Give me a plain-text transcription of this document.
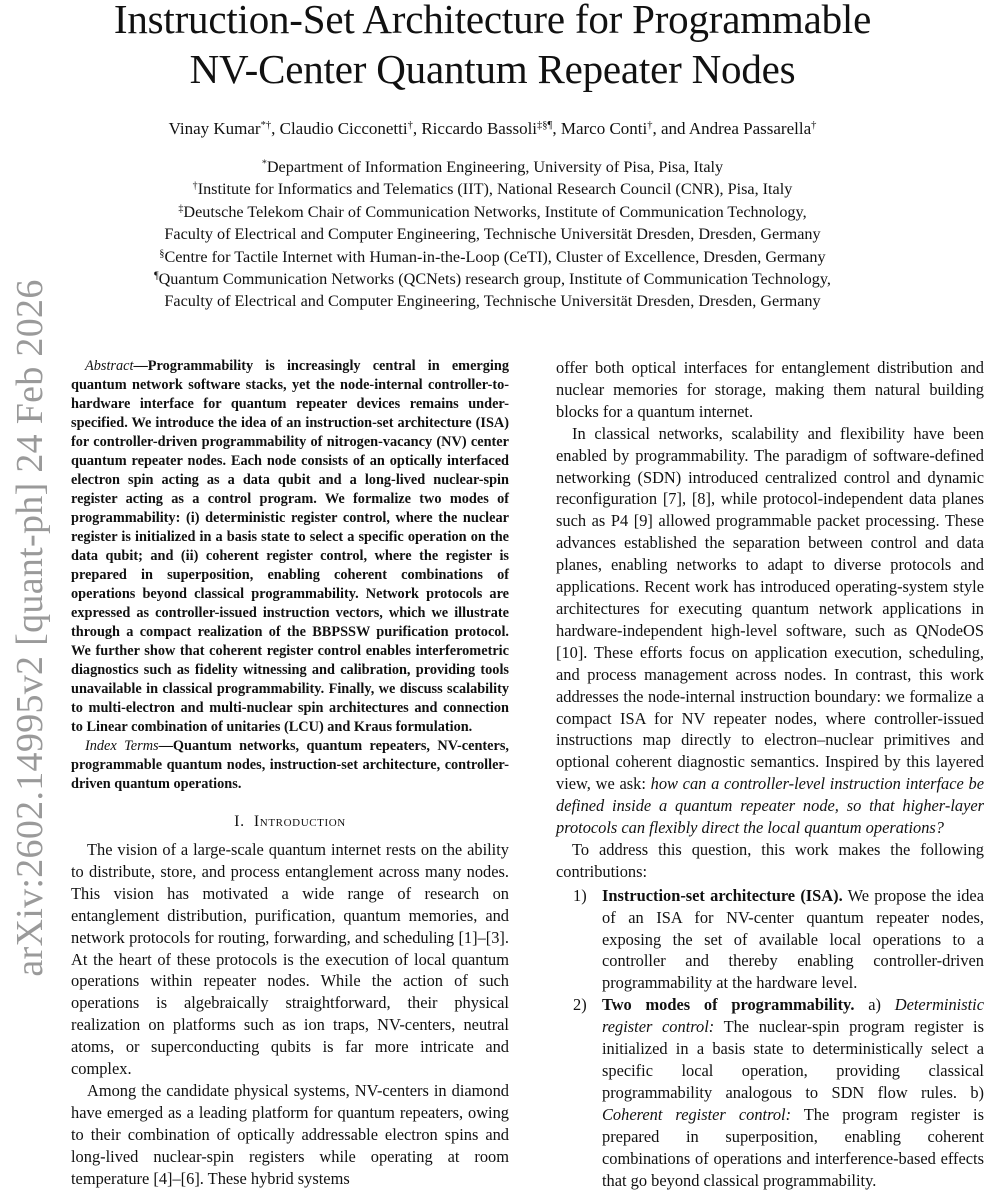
Instruction-Set Architecture for Programmable
NV-Center Quantum Repeater Nodes
Vinay Kumar*†, Claudio Cicconetti†, Riccardo Bassoli‡§¶, Marco Conti†, and Andrea Passarella†
*Department of Information Engineering, University of Pisa, Pisa, Italy
†Institute for Informatics and Telematics (IIT), National Research Council (CNR), Pisa, Italy
‡Deutsche Telekom Chair of Communication Networks, Institute of Communication Technology,
Faculty of Electrical and Computer Engineering, Technische Universität Dresden, Dresden, Germany
§Centre for Tactile Internet with Human-in-the-Loop (CeTI), Cluster of Excellence, Dresden, Germany
¶Quantum Communication Networks (QCNets) research group, Institute of Communication Technology,
Faculty of Electrical and Computer Engineering, Technische Universität Dresden, Dresden, Germany
arXiv:2602.14995v2 [quant-ph] 24 Feb 2026	Abstract—Programmability is increasingly central in emerging quantum network software stacks, yet the node-internal controller-to-hardware interface for quantum repeater devices remains under-specified. We introduce the idea of an instruction-set architecture (ISA) for controller-driven programmability of nitrogen-vacancy (NV) center quantum repeater nodes. Each node consists of an optically interfaced electron spin acting as a data qubit and a long-lived nuclear-spin register acting as a control program. We formalize two modes of programmability: (i) deterministic register control, where the nuclear register is initialized in a basis state to select a specific operation on the data qubit; and (ii) coherent register control, where the register is prepared in superposition, enabling coherent combinations of operations beyond classical programmability. Network protocols are expressed as controller-issued instruction vectors, which we illustrate through a compact realization of the BBPSSW purification protocol. We further show that coherent register control enables interferometric diagnostics such as fidelity witnessing and calibration, providing tools unavailable in classical programmability. Finally, we discuss scalability to multi-electron and multi-nuclear spin architectures and connection to Linear combination of unitaries (LCU) and Kraus formulation.

Index Terms—Quantum networks, quantum repeaters, NV-centers, programmable quantum nodes, instruction-set architecture, controller-driven quantum operations.

I. Introduction

The vision of a large-scale quantum internet rests on the ability to distribute, store, and process entanglement across many nodes. This vision has motivated a wide range of research on entanglement distribution, purification, quantum memories, and network protocols for routing, forwarding, and scheduling [1]–[3]. At the heart of these protocols is the execution of local quantum operations within repeater nodes. While the action of such operations is algebraically straightforward, their physical realization on platforms such as ion traps, NV-centers, neutral atoms, or superconducting qubits is far more intricate and complex.

Among the candidate physical systems, NV-centers in diamond have emerged as a leading platform for quantum repeaters, owing to their combination of optically addressable electron spins and long-lived nuclear-spin registers while operating at room temperature [4]–[6]. These hybrid systems

offer both optical interfaces for entanglement distribution and nuclear memories for storage, making them natural building blocks for a quantum internet.

In classical networks, scalability and flexibility have been enabled by programmability. The paradigm of software-defined networking (SDN) introduced centralized control and dynamic reconfiguration [7], [8], while protocol-independent data planes such as P4 [9] allowed programmable packet processing. These advances established the separation between control and data planes, enabling networks to adapt to diverse protocols and applications. Recent work has introduced operating-system style architectures for executing quantum network applications in hardware-independent high-level software, such as QNodeOS [10]. These efforts focus on application execution, scheduling, and process management across nodes. In contrast, this work addresses the node-internal instruction boundary: we formalize a compact ISA for NV repeater nodes, where controller-issued instructions map directly to electron–nuclear primitives and optional coherent diagnostic semantics. Inspired by this layered view, we ask: how can a controller-level instruction interface be defined inside a quantum repeater node, so that higher-layer protocols can flexibly direct the local quantum operations?

To address this question, this work makes the following contributions:

1) Instruction-set architecture (ISA). We propose the idea of an ISA for NV-center quantum repeater nodes, exposing the set of available local operations to a controller and thereby enabling controller-driven programmability at the hardware level.
2) Two modes of programmability. a) Deterministic register control: The nuclear-spin program register is initialized in a basis state to deterministically select a specific local operation, providing classical programmability analogous to SDN flow rules. b) Coherent register control: The program register is prepared in superposition, enabling coherent combinations of operations and interference-based effects that go beyond classical programmability.
